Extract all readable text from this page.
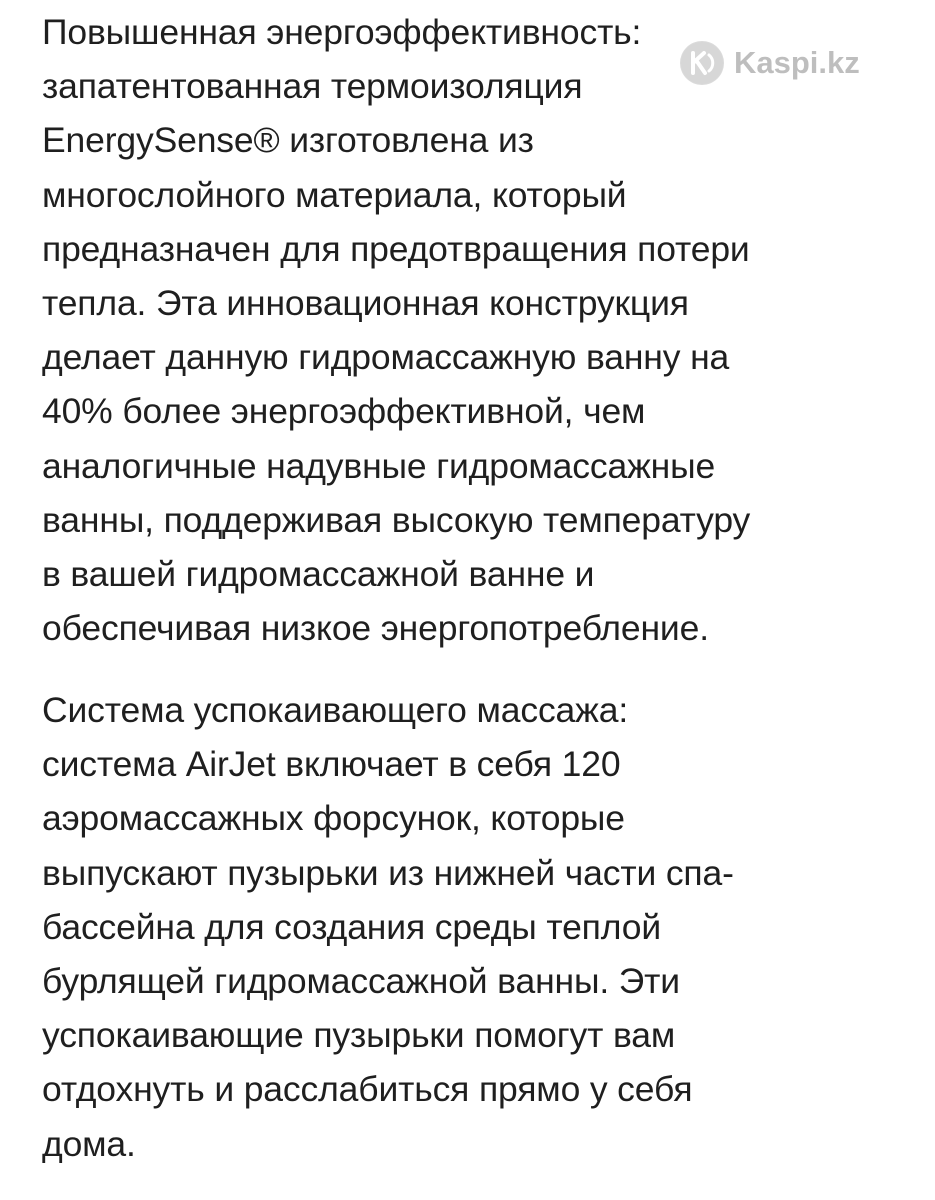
Повышенная энергоэффективность:
запатентованная термоизоляция
EnergySense® изготовлена из
многослойного материала, который
предназначен для предотвращения потери
тепла. Эта инновационная конструкция
делает данную гидромассажную ванну на
40% более энергоэффективной, чем
аналогичные надувные гидромассажные
ванны, поддерживая высокую температуру
в вашей гидромассажной ванне и
обеспечивая низкое энергопотребление.
Система успокаивающего массажа:
система AirJet включает в себя 120
аэромассажных форсунок, которые
выпускают пузырьки из нижней части спа-
бассейна для создания среды теплой
бурлящей гидромассажной ванны. Эти
успокаивающие пузырьки помогут вам
отдохнуть и расслабиться прямо у себя
дома.
Kaspi.kz
